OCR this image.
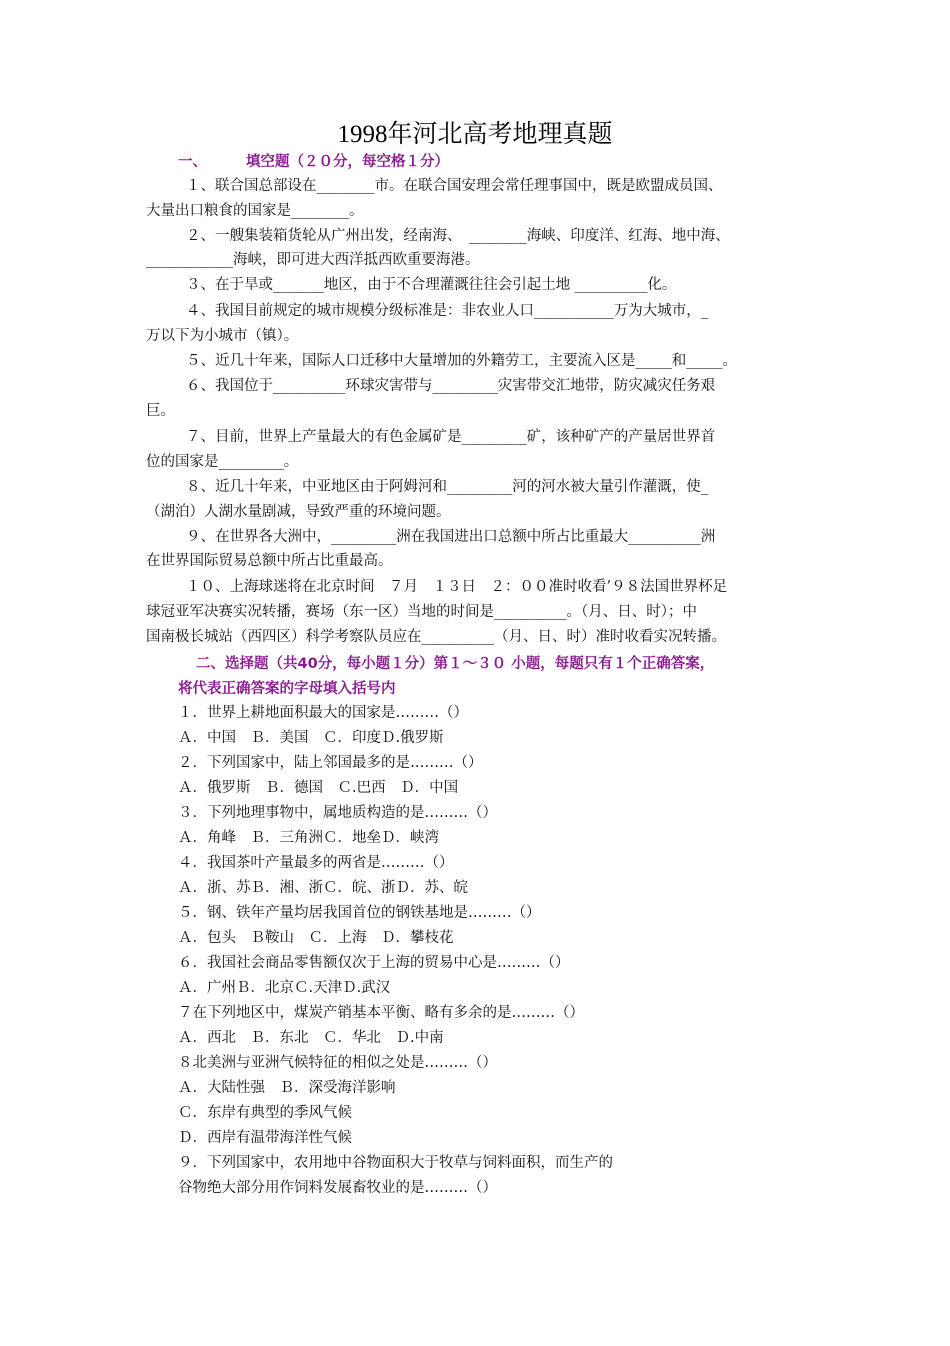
1998年河北高考地理真题
一、	填空题（２０分，每空格１分）
１、联合国总部设在________市。在联合国安理会常任理事国中，既是欧盟成员国、
大量出口粮食的国家是________。
２、一艘集装箱货轮从广州出发，经南海、　________海峡、印度洋、红海、地中海、
____________海峡，即可进大西洋抵西欧重要海港。
３、在于旱或_______地区，由于不合理灌溉往往会引起土地 __________化。
４、我国目前规定的城市规模分级标准是：非农业人口___________万为大城市，_
万以下为小城市（镇）。
５、近几十年来，国际人口迁移中大量增加的外籍劳工，主要流入区是_____和_____。
６、我国位于__________环球灾害带与_________灾害带交汇地带，防灾减灾任务艰
巨。
７、目前，世界上产量最大的有色金属矿是_________矿，该种矿产的产量居世界首
位的国家是_________。
８、近几十年来，中亚地区由于阿姆河和_________河的河水被大量引作灌溉，使_
（湖泊）人湖水量剧减，导致严重的环境问题。
９、在世界各大洲中，_________洲在我国进出口总额中所占比重最大__________洲
在世界国际贸易总额中所占比重最高。
１０、上海球迷将在北京时间　７月　１３日　２：００准时收看’９８法国世界杯足
球冠亚军决赛实况转播，赛场（东一区）当地的时间是__________。（月、日、时）；中
国南极长城站（西四区）科学考察队员应在__________（月、日、时）准时收看实况转播。
二、选择题（共40分，每小题１分）第１～３０ 小题，每题只有１个正确答案，
将代表正确答案的字母填入括号内
１．世界上耕地面积最大的国家是………（）
Ａ．中国　Ｂ．美国　Ｃ．印度Ｄ.俄罗斯
２．下列国家中，陆上邻国最多的是………（）
Ａ．俄罗斯　Ｂ．德国　Ｃ.巴西　Ｄ．中国
３．下列地理事物中，属地质构造的是………（）
Ａ．角峰　Ｂ．三角洲Ｃ．地垒Ｄ．峡湾
４．我国茶叶产量最多的两省是………（）
Ａ．浙、苏Ｂ．湘、浙Ｃ．皖、浙Ｄ．苏、皖
５．钢、铁年产量均居我国首位的钢铁基地是………（）
Ａ．包头　Ｂ鞍山　Ｃ．上海　Ｄ．攀枝花
６．我国社会商品零售额仅次于上海的贸易中心是………（）
Ａ．广州Ｂ．北京Ｃ.天津Ｄ.武汉
７在下列地区中，煤炭产销基本平衡、略有多余的是………（）
Ａ．西北　Ｂ．东北　Ｃ．华北　Ｄ.中南
８北美洲与亚洲气候特征的相似之处是………（）
Ａ．大陆性强　Ｂ．深受海洋影响
Ｃ．东岸有典型的季风气候
Ｄ．西岸有温带海洋性气候
９．下列国家中，农用地中谷物面积大于牧草与饲料面积，而生产的
谷物绝大部分用作饲料发展畜牧业的是………（）
